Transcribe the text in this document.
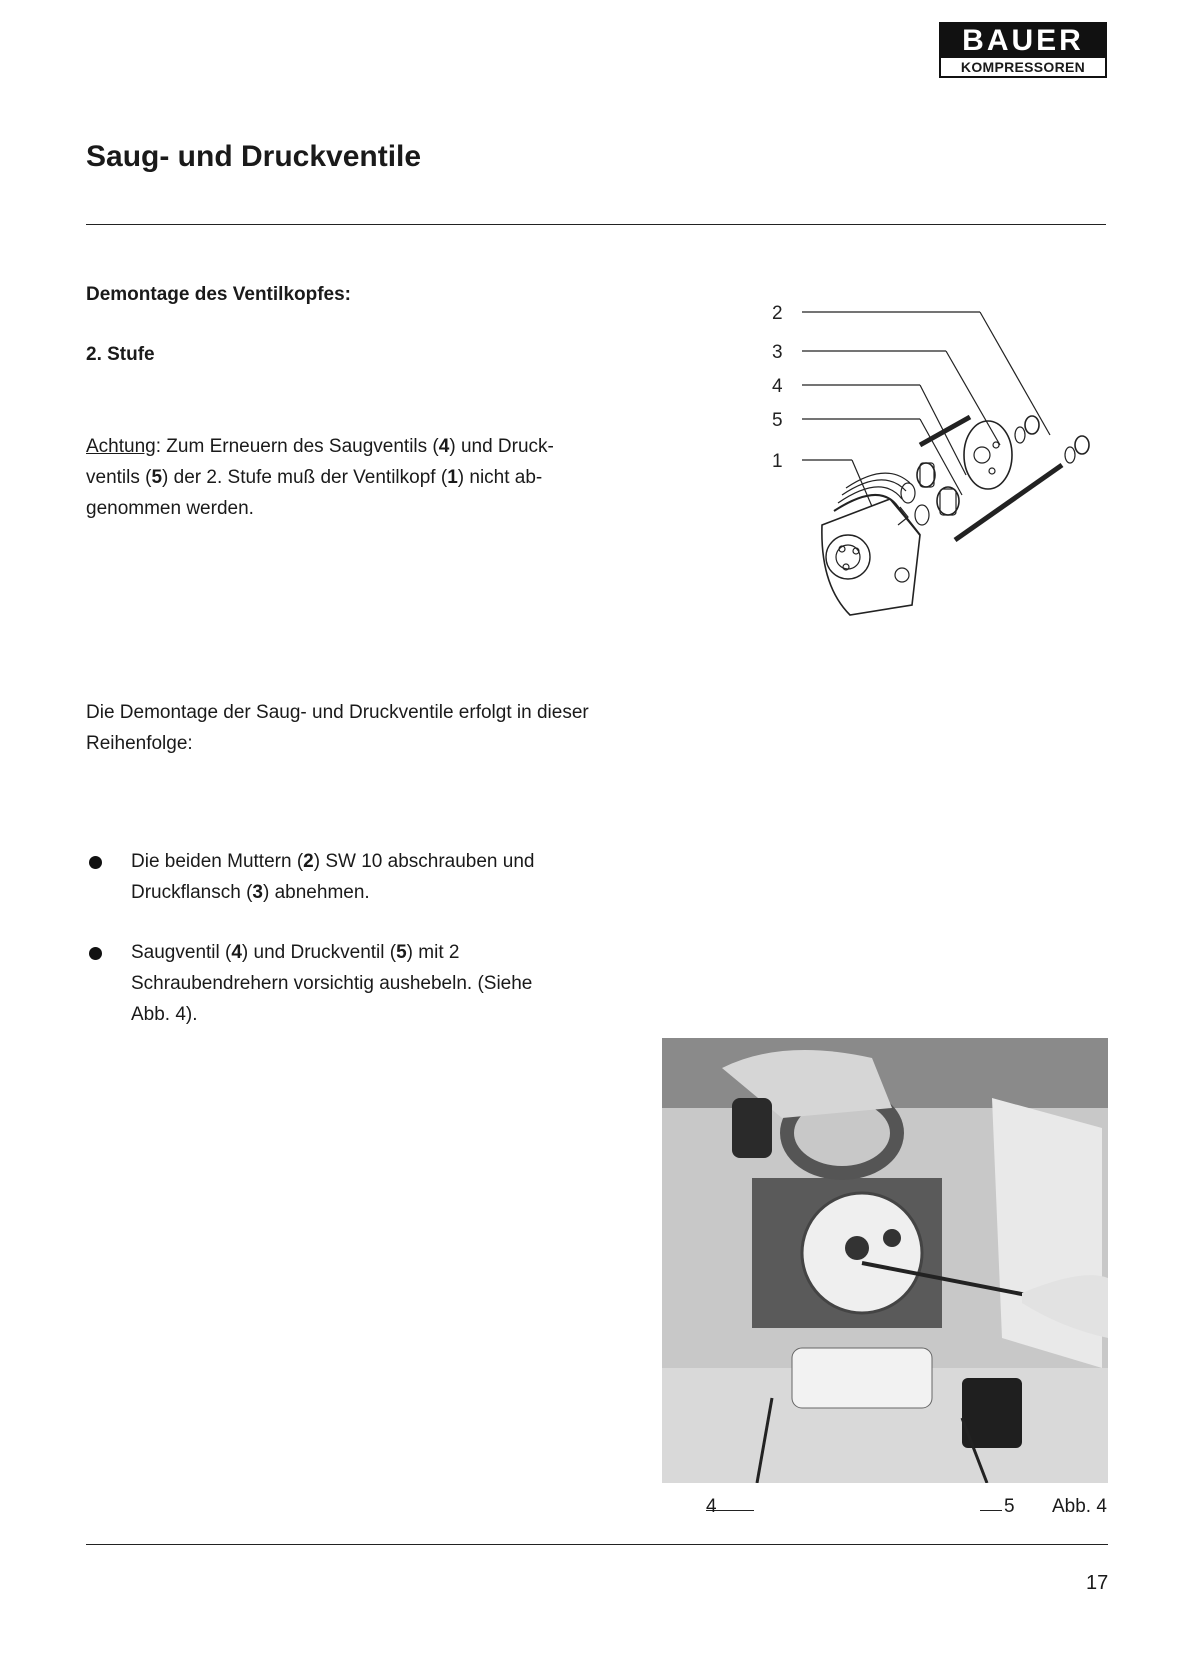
BAUER
KOMPRESSOREN
Saug- und Druckventile

Demontage des Ventilkopfes:

2. Stufe

Achtung: Zum Erneuern des Saugventils (4) und Druck-ventils (5) der 2. Stufe muß der Ventilkopf (1) nicht ab-genommen werden.

2
3
4
5
1

Die Demontage der Saug- und Druckventile erfolgt in dieser Reihenfolge:

Die beiden Muttern (2) SW 10 abschrauben und Druckflansch (3) abnehmen.

Saugventil (4) und Druckventil (5) mit 2 Schraubendrehern vorsichtig aushebeln. (Siehe Abb. 4).

4	5 Abb. 4
17
